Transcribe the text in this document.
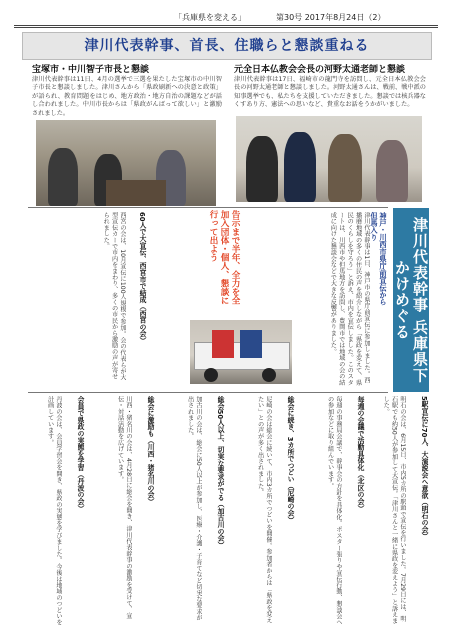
「兵庫県を変える」	第30号 2017年8月24日（2）
津川代表幹事、首長、住職らと懇談重ねる
宝塚市・中川智子市長と懇談	元全日本仏教会会長の河野太通老師と懇談
津川代表幹事は11日、4月の選挙で三選を果たした宝塚市の中川智子市長と懇談しました。津川さんから「県政刷新への決意と政策」が語られ、教育問題をはじめ、地方政治・地方自治の課題などが話し合われました。中川市長からは「県政がんばって欲しい」と激励されました。
津川代表幹事は17日、福崎市の龍門寺を訪問し、元全日本仏教会会長の河野太通老師と懇談しました。河野太通さんは、戦前、戦中派の知事選挙でも、私たちを支援していただきました。懇談では核兵器なくすあり方、憲法への思いなど、貴重なお話をうかがいました。
津川代表幹事 兵庫県下かけめぐる
神戸・川西市県庁前宣伝から但馬入り
津川代表幹事は1日、神戸市の県庁前宣伝に参加しました。西播磨地域の多くの住民の声を紹介しながら「県政を変えて、県民のくらしを守ろう」と訴え、市内を宣伝しました。このスタートは、川西市や但馬地方を訪問し、豊岡市では地域の会の結成に向けた懇談会などで大きな反響がありました。
5駅宣伝に70人、大演説会へ意欲（明石の会）
明石の会は、6月15日、市内5カ所の駅頭で宣伝を行いました。7月29日には、明石駅でも約50人が参加して大宣伝。「津川さんと一緒に県政を変えよう」と訴えました。
告示まで半年、全力を全加入団体・個人、懇談に行って出よう
60人で大宣伝、西宮市で結成（西宮の会）
西宮の会は、10月宣伝に100人規模で参加。会の代表らが大型宣伝カーで市内をまわり、多くの市民から激励の声が寄せられました。
毎週の会議で活動具体化（北区の会）
毎週の事務局会議で、幹事会の方針を具体化。ポスター張りや宣伝行動、懇談会への参加などに取り組んでいます。
総会に続き、3カ所でつどい（尼崎の会）
尼崎の会は総会に続いて、市内3カ所でつどいを開催。参加者からは「県政を変えたい」との声が多く出されました。
総会50人以上、切実な要求がでる（加古川の会）
加古川の会は、総会に50人以上が参加し、医療・介護・子育てなど切実な要求が出されました。
総会に激励も（川西・猪名川の会）
川西・猪名川の会は、4月28日に総会を開き、津川代表幹事の激励を受けて、宣伝・対話活動を広げています。
会員で県政の実態を学習（丹波の会）
丹波の会は、会員学習会を開き、県政の実態を学びました。今後は地域のつどいを計画しています。
